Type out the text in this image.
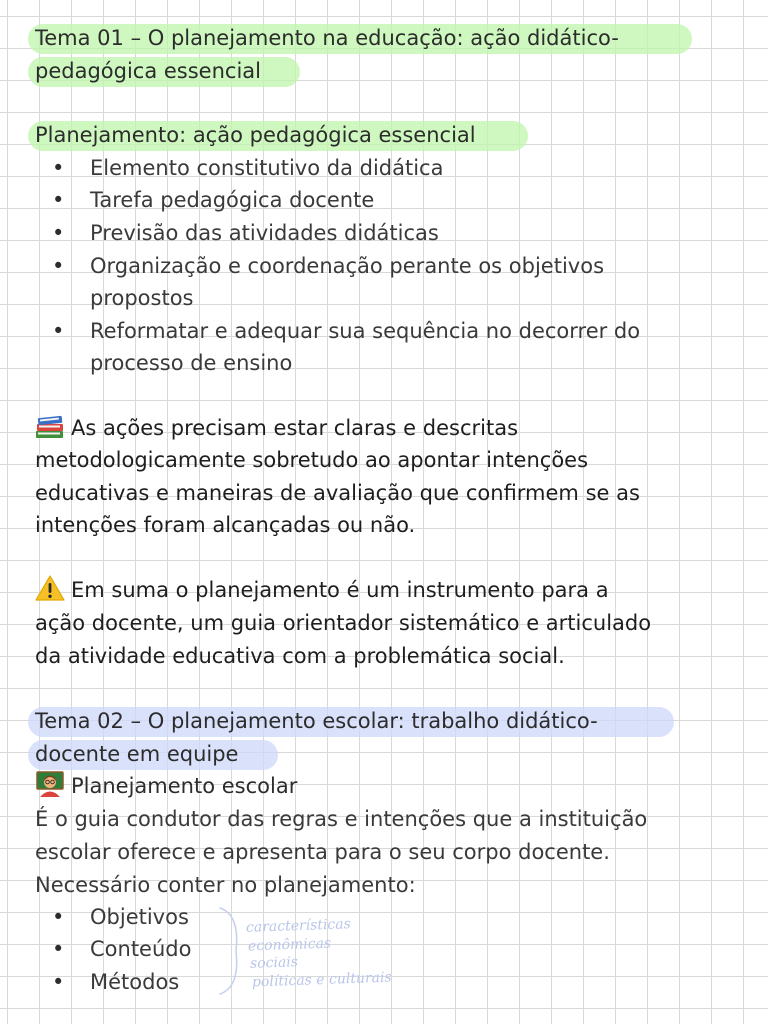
Tema 01 – O planejamento na educação: ação didático-
pedagógica essencial
Planejamento: ação pedagógica essencial
• Elemento constitutivo da didática
• Tarefa pedagógica docente
• Previsão das atividades didáticas
• Organização e coordenação perante os objetivos
propostos
• Reformatar e adequar sua sequência no decorrer do
processo de ensino
As ações precisam estar claras e descritas
metodologicamente sobretudo ao apontar intenções
educativas e maneiras de avaliação que confirmem se as
intenções foram alcançadas ou não.
Em suma o planejamento é um instrumento para a
ação docente, um guia orientador sistemático e articulado
da atividade educativa com a problemática social.
Tema 02 – O planejamento escolar: trabalho didático-
docente em equipe
Planejamento escolar
É o guia condutor das regras e intenções que a instituição
escolar oferece e apresenta para o seu corpo docente.
Necessário conter no planejamento:
• Objetivos
• Conteúdo
• Métodos
características
econômicas
sociais
políticas e culturais
